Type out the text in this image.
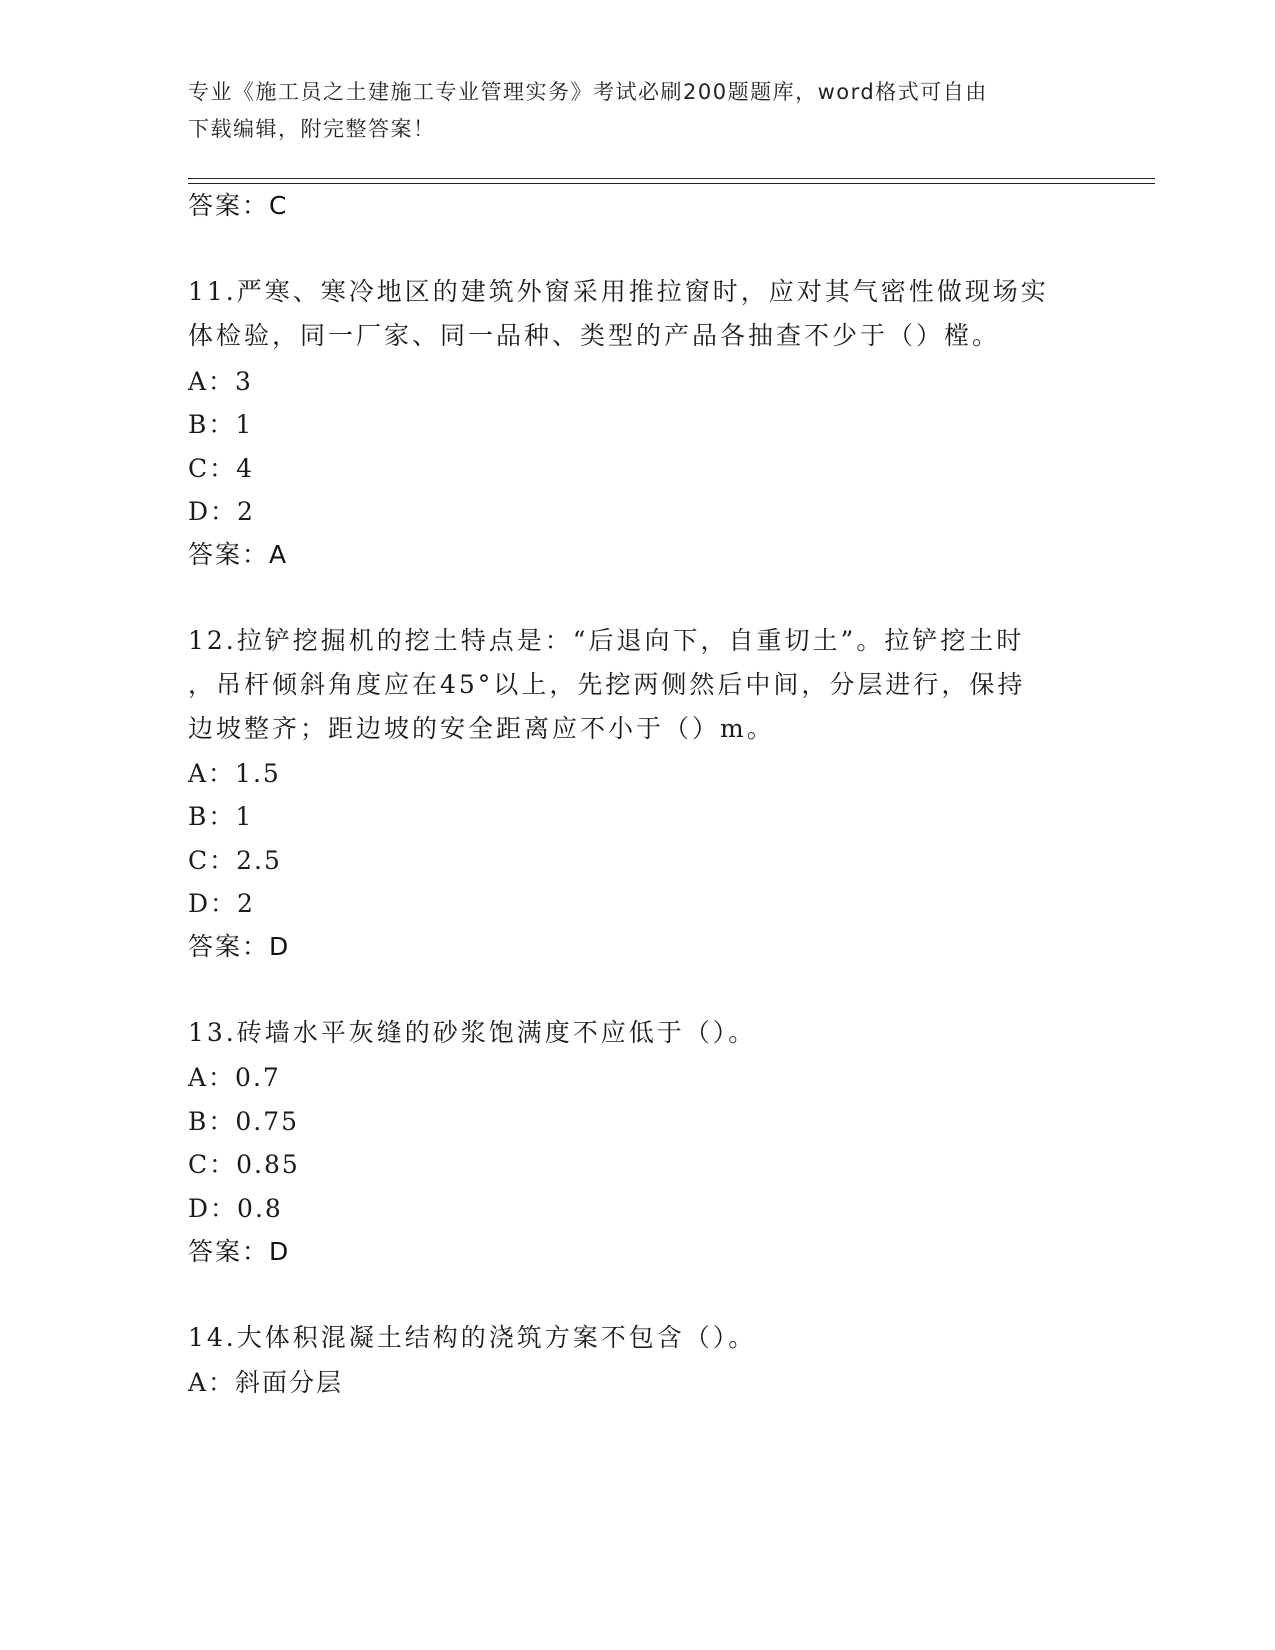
专业《施工员之土建施工专业管理实务》考试必刷200题题库，word格式可自由
下载编辑，附完整答案！
答案：C
11.严寒、寒冷地区的建筑外窗采用推拉窗时，应对其气密性做现场实
体检验，同一厂家、同一品种、类型的产品各抽查不少于（）樘。
A：3
B：1
C：4
D：2
答案：A
12.拉铲挖掘机的挖土特点是：“后退向下，自重切土”。拉铲挖土时
，吊杆倾斜角度应在45°以上，先挖两侧然后中间，分层进行，保持
边坡整齐；距边坡的安全距离应不小于（）m。
A：1.5
B：1
C：2.5
D：2
答案：D
13.砖墙水平灰缝的砂浆饱满度不应低于（）。
A：0.7
B：0.75
C：0.85
D：0.8
答案：D
14.大体积混凝土结构的浇筑方案不包含（）。
A：斜面分层
